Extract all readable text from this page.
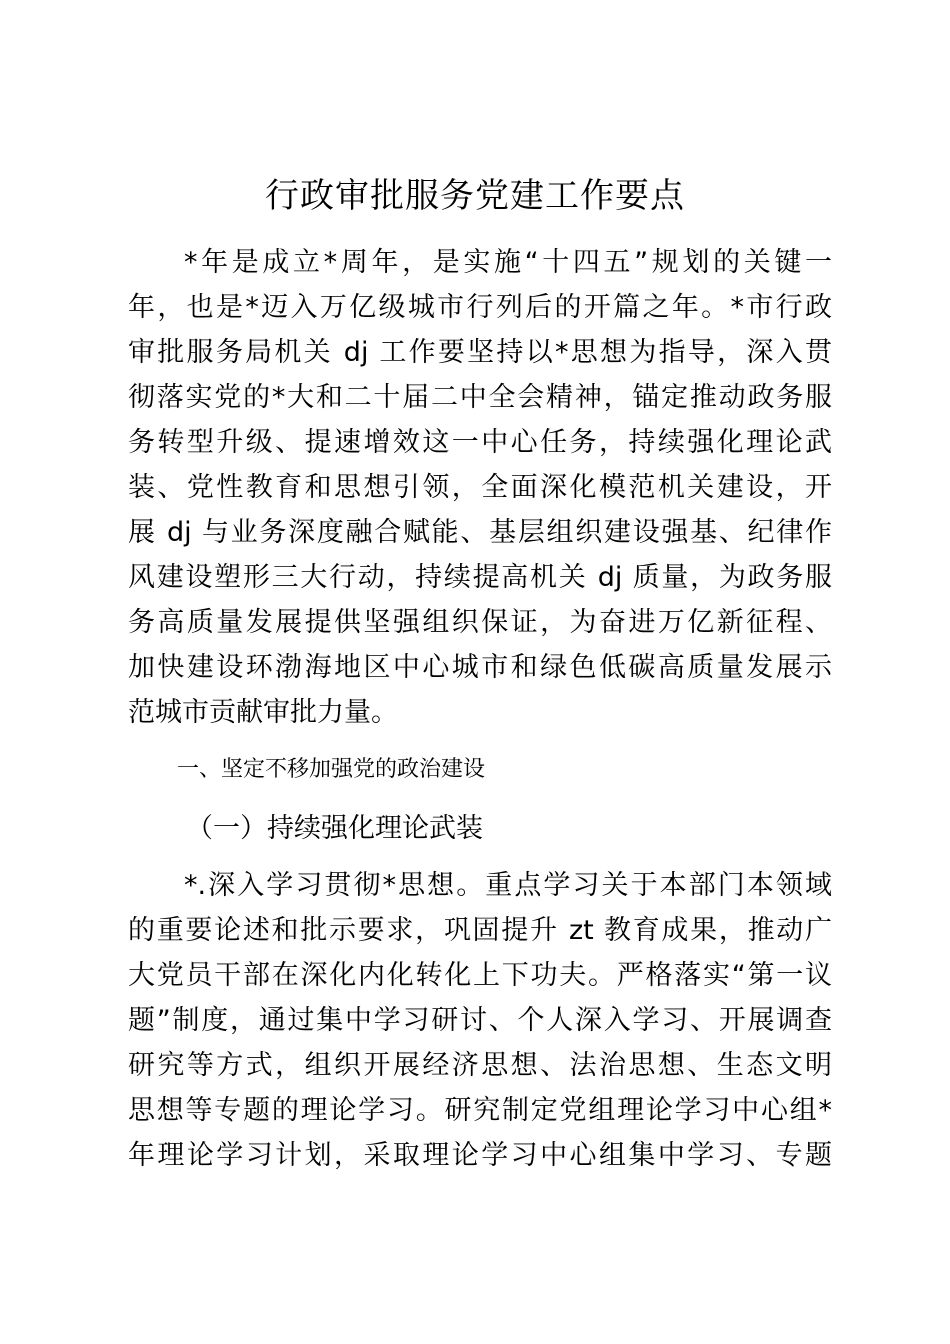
行政审批服务党建工作要点
*年是成立*周年，是实施“十四五”规划的关键一
年，也是*迈入万亿级城市行列后的开篇之年。*市行政
审批服务局机关 dj 工作要坚持以*思想为指导，深入贯
彻落实党的*大和二十届二中全会精神，锚定推动政务服
务转型升级、提速增效这一中心任务，持续强化理论武
装、党性教育和思想引领，全面深化模范机关建设，开
展 dj 与业务深度融合赋能、基层组织建设强基、纪律作
风建设塑形三大行动，持续提高机关 dj 质量，为政务服
务高质量发展提供坚强组织保证，为奋进万亿新征程、
加快建设环渤海地区中心城市和绿色低碳高质量发展示
范城市贡献审批力量。
一、坚定不移加强党的政治建设
（一）持续强化理论武装
*.深入学习贯彻*思想。重点学习关于本部门本领域
的重要论述和批示要求，巩固提升 zt 教育成果，推动广
大党员干部在深化内化转化上下功夫。严格落实“第一议
题”制度，通过集中学习研讨、个人深入学习、开展调查
研究等方式，组织开展经济思想、法治思想、生态文明
思想等专题的理论学习。研究制定党组理论学习中心组*
年理论学习计划，采取理论学习中心组集中学习、专题
